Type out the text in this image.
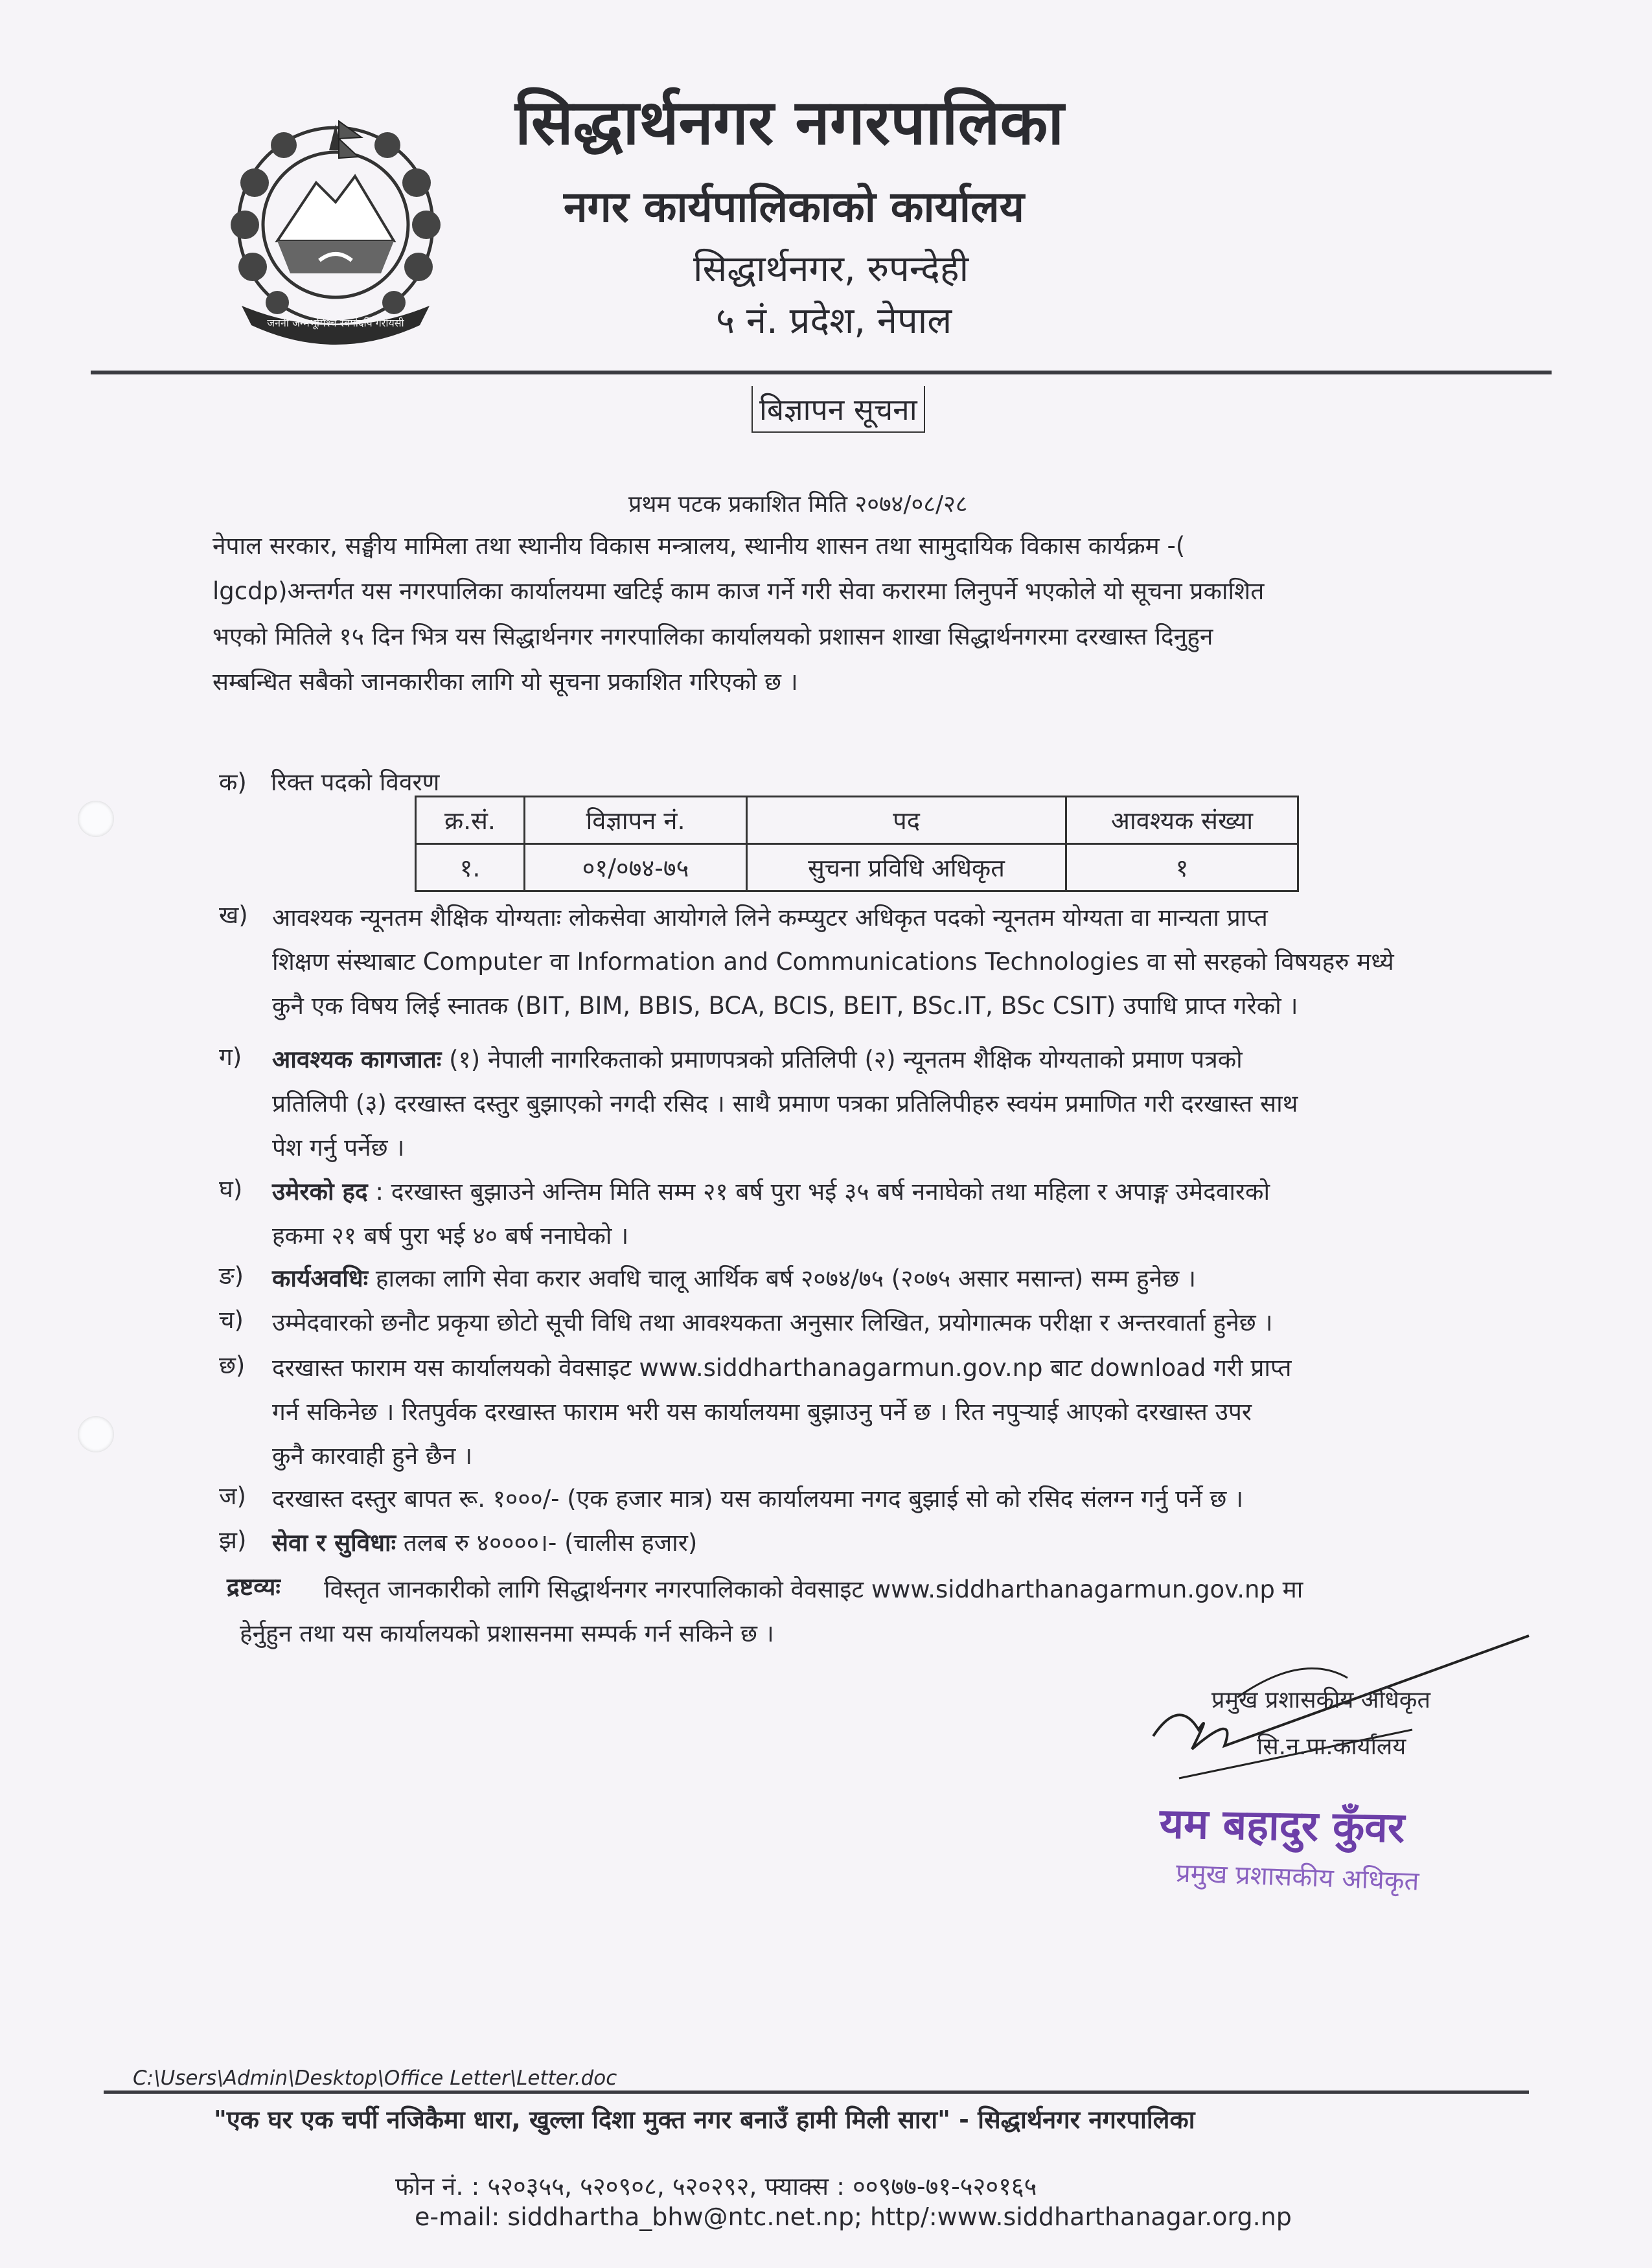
जननी जन्मभूमिश्च स्वर्गादपि गरीयसी
सिद्धार्थनगर नगरपालिका
नगर कार्यपालिकाको कार्यालय
सिद्धार्थनगर, रुपन्देही
५ नं. प्रदेश, नेपाल
बिज्ञापन सूचना
प्रथम पटक प्रकाशित मिति २०७४/०८/२८

नेपाल सरकार, सङ्घीय मामिला तथा स्थानीय विकास मन्त्रालय, स्थानीय शासन तथा सामुदायिक विकास कार्यक्रम -(

lgcdp)अन्तर्गत यस नगरपालिका कार्यालयमा खटिई काम काज गर्ने गरी सेवा करारमा लिनुपर्ने भएकोले यो सूचना प्रकाशित

भएको मितिले १५ दिन भित्र यस सिद्धार्थनगर नगरपालिका कार्यालयको प्रशासन शाखा सिद्धार्थनगरमा दरखास्त दिनुहुन

सम्बन्धित सबैको जानकारीका लागि यो सूचना प्रकाशित गरिएको छ ।

क) रिक्त पदको विवरण
क्र.सं.	विज्ञापन नं.	पद	आवश्यक संख्या
१.	०१/०७४-७५	सुचना प्रविधि अधिकृत	१
ख) आवश्यक न्यूनतम शैक्षिक योग्यताः लोकसेवा आयोगले लिने कम्प्युटर अधिकृत पदको न्यूनतम योग्यता वा मान्यता प्राप्त

शिक्षण संस्थाबाट Computer वा Information and Communications Technologies वा सो सरहको विषयहरु मध्ये

कुनै एक विषय लिई स्नातक (BIT, BIM, BBIS, BCA, BCIS, BEIT, BSc.IT, BSc CSIT) उपाधि प्राप्त गरेको ।

ग) आवश्यक कागजातः (१) नेपाली नागरिकताको प्रमाणपत्रको प्रतिलिपी (२) न्यूनतम शैक्षिक योग्यताको प्रमाण पत्रको

प्रतिलिपी (३) दरखास्त दस्तुर बुझाएको नगदी रसिद । साथै प्रमाण पत्रका प्रतिलिपीहरु स्वयंम प्रमाणित गरी दरखास्त साथ

पेश गर्नु पर्नेछ ।

घ) उमेरको हद : दरखास्त बुझाउने अन्तिम मिति सम्म २१ बर्ष पुरा भई ३५ बर्ष ननाघेको तथा महिला र अपाङ्ग उमेदवारको

हकमा २१ बर्ष पुरा भई ४० बर्ष ननाघेको ।

ङ) कार्यअवधिः हालका लागि सेवा करार अवधि चालू आर्थिक बर्ष २०७४/७५ (२०७५ असार मसान्त) सम्म हुनेछ ।

च) उम्मेदवारको छनौट प्रकृया छोटो सूची विधि तथा आवश्यकता अनुसार लिखित, प्रयोगात्मक परीक्षा र अन्तरवार्ता हुनेछ ।

छ) दरखास्त फाराम यस कार्यालयको वेवसाइट www.siddharthanagarmun.gov.np बाट download गरी प्राप्त

गर्न सकिनेछ । रितपुर्वक दरखास्त फाराम भरी यस कार्यालयमा बुझाउनु पर्ने छ । रित नपुऱ्याई आएको दरखास्त उपर

कुनै कारवाही हुने छैन ।

ज) दरखास्त दस्तुर बापत रू. १०००/- (एक हजार मात्र) यस कार्यालयमा नगद बुझाई सो को रसिद संलग्न गर्नु पर्ने छ ।

झ) सेवा र सुविधाः तलब रु ४००००।- (चालीस हजार)

द्रष्टव्यः विस्तृत जानकारीको लागि सिद्धार्थनगर नगरपालिकाको वेवसाइट www.siddharthanagarmun.gov.np मा

हेर्नुहुन तथा यस कार्यालयको प्रशासनमा सम्पर्क गर्न सकिने छ ।

प्रमुख प्रशासकीय अधिकृत
सि.न.पा.कार्यालय
यम बहादुर कुँवर
प्रमुख प्रशासकीय अधिकृत
C:\Users\Admin\Desktop\Office Letter\Letter.doc
"एक घर एक चर्पी नजिकैमा धारा, खुल्ला दिशा मुक्त नगर बनाउँ हामी मिली सारा" - सिद्धार्थनगर नगरपालिका
फोन नं. : ५२०३५५, ५२०९०८, ५२०२९२, फ्याक्स : ००९७७-७१-५२०१६५
e-mail: siddhartha_bhw@ntc.net.np; http/:www.siddharthanagar.org.np
